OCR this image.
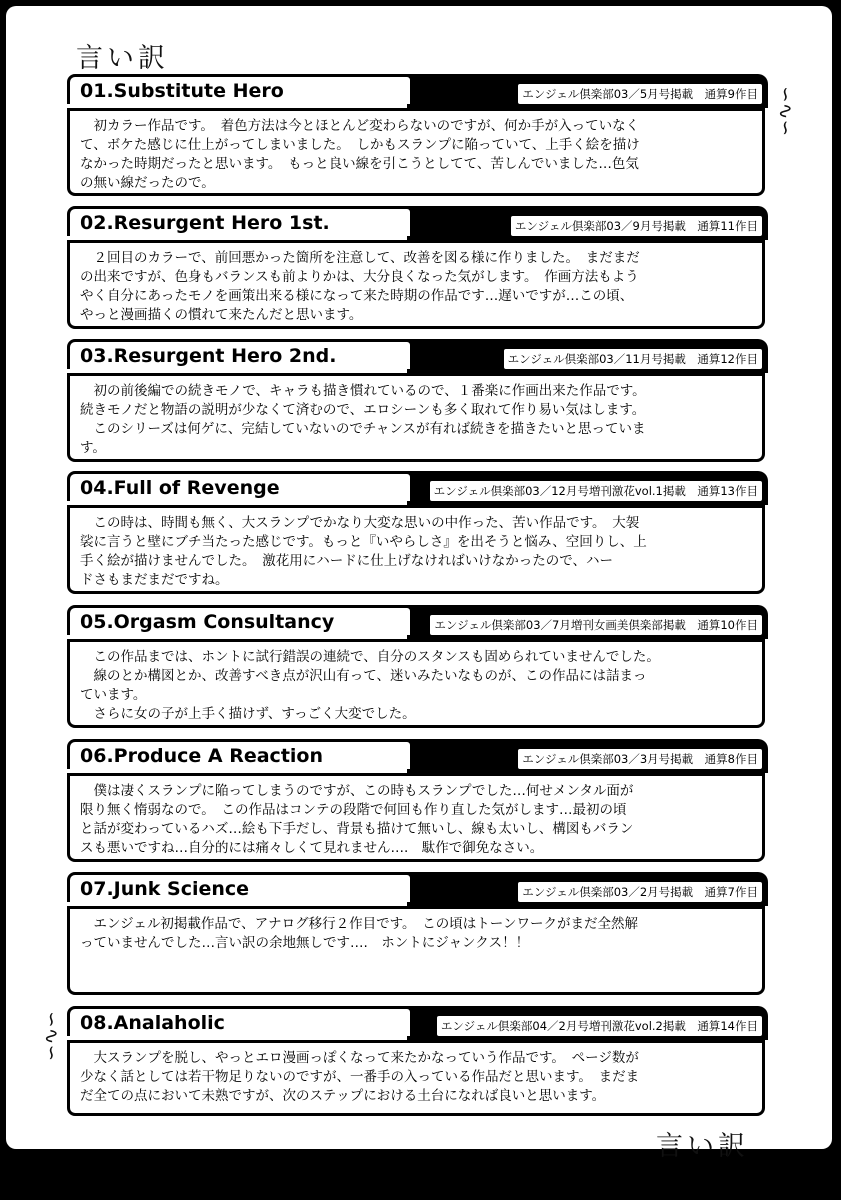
言い訳
∽∿∽
∽∿∽
言い訳
エンジェル倶楽部03／5月号掲載　通算9作目
01.Substitute Hero
　初カラー作品です。　着色方法は今とほとんど変わらないのですが、何か手が入っていなく
て、ボケた感じに仕上がってしまいました。　しかもスランプに陥っていて、上手く絵を描け
なかった時期だったと思います。　もっと良い線を引こうとしてて、苦しんでいました…色気
の無い線だったので。
エンジェル倶楽部03／9月号掲載　通算11作目
02.Resurgent Hero 1st.
　２回目のカラーで、前回悪かった箇所を注意して、改善を図る様に作りました。　まだまだ
の出来ですが、色身もバランスも前よりかは、大分良くなった気がします。　作画方法もよう
やく自分にあったモノを画策出来る様になって来た時期の作品です…遅いですが…この頃、
やっと漫画描くの慣れて来たんだと思います。
エンジェル倶楽部03／11月号掲載　通算12作目
03.Resurgent Hero 2nd.
　初の前後編での続きモノで、キャラも描き慣れているので、１番楽に作画出来た作品です。
続きモノだと物語の説明が少なくて済むので、エロシーンも多く取れて作り易い気はします。
　このシリーズは何ゲに、完結していないのでチャンスが有れば続きを描きたいと思っていま
す。
エンジェル倶楽部03／12月号増刊激花vol.1掲載　通算13作目
04.Full of Revenge
　この時は、時間も無く、大スランプでかなり大変な思いの中作った、苦い作品です。　大袈
裟に言うと壁にブチ当たった感じです。もっと『いやらしさ』を出そうと悩み、空回りし、上
手く絵が描けませんでした。　激花用にハードに仕上げなければいけなかったので、ハー
ドさもまだまだですね。
エンジェル倶楽部03／7月増刊女画美倶楽部掲載　通算10作目
05.Orgasm Consultancy
　この作品までは、ホントに試行錯誤の連続で、自分のスタンスも固められていませんでした。
　線のとか構図とか、改善すべき点が沢山有って、迷いみたいなものが、この作品には詰まっ
ています。
　さらに女の子が上手く描けず、すっごく大変でした。
エンジェル倶楽部03／3月号掲載　通算8作目
06.Produce A Reaction
　僕は凄くスランプに陥ってしまうのですが、この時もスランプでした…何せメンタル面が
限り無く惰弱なので。　この作品はコンテの段階で何回も作り直した気がします…最初の頃
と話が変わっているハズ…絵も下手だし、背景も描けて無いし、線も太いし、構図もバラン
スも悪いですね…自分的には痛々しくて見れません….　駄作で御免なさい。
エンジェル倶楽部03／2月号掲載　通算7作目
07.Junk Science
　エンジェル初掲載作品で、アナログ移行２作目です。　この頃はトーンワークがまだ全然解
っていませんでした…言い訳の余地無しです….　ホントにジャンクス！！

エンジェル倶楽部04／2月号増刊激花vol.2掲載　通算14作目
08.Analaholic
　大スランプを脱し、やっとエロ漫画っぽくなって来たかなっていう作品です。　ページ数が
少なく話としては若干物足りないのですが、一番手の入っている作品だと思います。　まだま
だ全ての点において未熟ですが、次のステップにおける土台になれば良いと思います。
